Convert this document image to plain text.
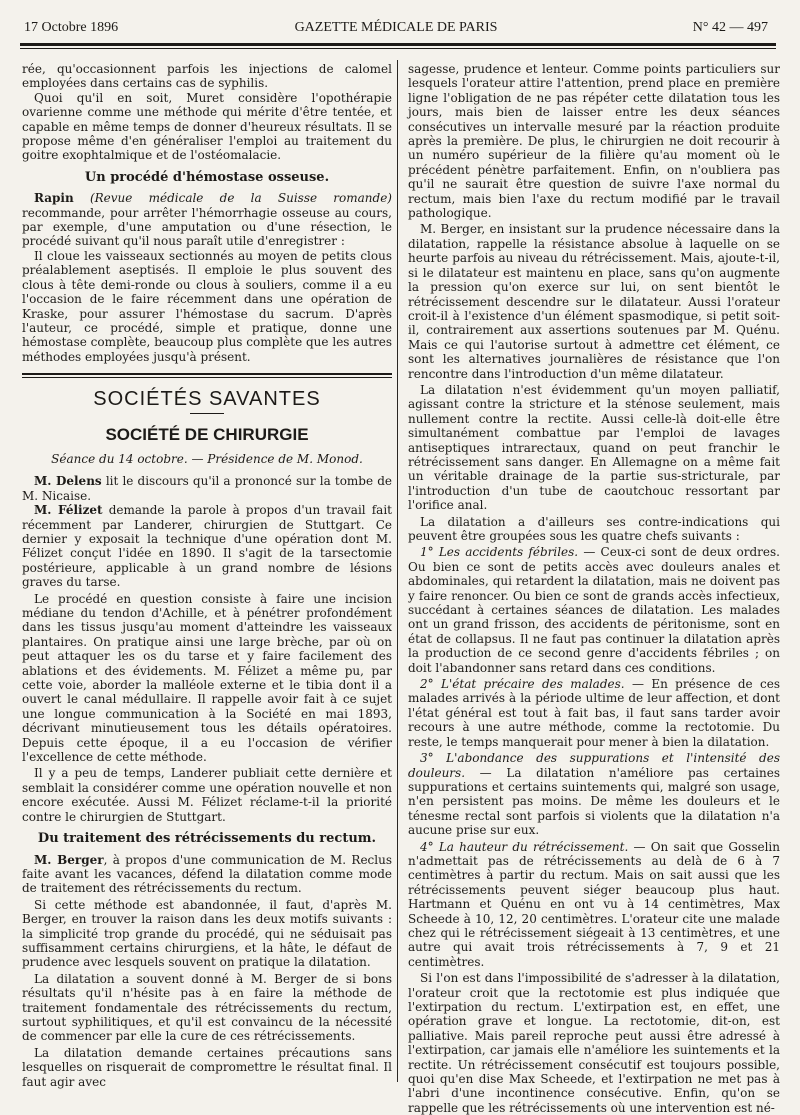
17 Octobre 1896	GAZETTE MÉDICALE DE PARIS	N° 42 — 497

rée, qu'occasionnent parfois les injections de calomel employées dans certains cas de syphilis.

Quoi qu'il en soit, Muret considère l'opothérapie ovarienne comme une méthode qui mérite d'être tentée, et capable en même temps de donner d'heureux résultats. Il se propose même d'en généraliser l'emploi au traitement du goitre exophtalmique et de l'ostéomalacie.

Un procédé d'hémostase osseuse.

Rapin (Revue médicale de la Suisse romande) recommande, pour arrêter l'hémorrhagie osseuse au cours, par exemple, d'une amputation ou d'une résection, le procédé suivant qu'il nous paraît utile d'enregistrer :

Il cloue les vaisseaux sectionnés au moyen de petits clous préalablement aseptisés. Il emploie le plus souvent des clous à tête demi-ronde ou clous à souliers, comme il a eu l'occasion de le faire récemment dans une opération de Kraske, pour assurer l'hémostase du sacrum. D'après l'auteur, ce procédé, simple et pratique, donne une hémostase complète, beaucoup plus complète que les autres méthodes employées jusqu'à présent.

SOCIÉTÉS SAVANTES
SOCIÉTÉ DE CHIRURGIE
Séance du 14 octobre. — Présidence de M. Monod.

M. Delens lit le discours qu'il a prononcé sur la tombe de M. Nicaise.

M. Félizet demande la parole à propos d'un travail fait récemment par Landerer, chirurgien de Stuttgart. Ce dernier y exposait la technique d'une opération dont M. Félizet conçut l'idée en 1890. Il s'agit de la tarsectomie postérieure, applicable à un grand nombre de lésions graves du tarse.

Le procédé en question consiste à faire une incision médiane du tendon d'Achille, et à pénétrer profondément dans les tissus jusqu'au moment d'atteindre les vaisseaux plantaires. On pratique ainsi une large brèche, par où on peut attaquer les os du tarse et y faire facilement des ablations et des évidements. M. Félizet a même pu, par cette voie, aborder la malléole externe et le tibia dont il a ouvert le canal médullaire. Il rappelle avoir fait à ce sujet une longue communication à la Société en mai 1893, décrivant minutieusement tous les détails opératoires. Depuis cette époque, il a eu l'occasion de vérifier l'excellence de cette méthode.

Il y a peu de temps, Landerer publiait cette dernière et semblait la considérer comme une opération nouvelle et non encore exécutée. Aussi M. Félizet réclame-t-il la priorité contre le chirurgien de Stuttgart.

Du traitement des rétrécissements du rectum.

M. Berger, à propos d'une communication de M. Reclus faite avant les vacances, défend la dilatation comme mode de traitement des rétrécissements du rectum.

Si cette méthode est abandonnée, il faut, d'après M. Berger, en trouver la raison dans les deux motifs suivants : la simplicité trop grande du procédé, qui ne séduisait pas suffisamment certains chirurgiens, et la hâte, le défaut de prudence avec lesquels souvent on pratique la dilatation.

La dilatation a souvent donné à M. Berger de si bons résultats qu'il n'hésite pas à en faire la méthode de traitement fondamentale des rétrécissements du rectum, surtout syphilitiques, et qu'il est convaincu de la nécessité de commencer par elle la cure de ces rétrécissements.

La dilatation demande certaines précautions sans lesquelles on risquerait de compromettre le résultat final. Il faut agir avec

sagesse, prudence et lenteur. Comme points particuliers sur lesquels l'orateur attire l'attention, prend place en première ligne l'obligation de ne pas répéter cette dilatation tous les jours, mais bien de laisser entre les deux séances consécutives un intervalle mesuré par la réaction produite après la première. De plus, le chirurgien ne doit recourir à un numéro supérieur de la filière qu'au moment où le précédent pénètre parfaitement. Enfin, on n'oubliera pas qu'il ne saurait être question de suivre l'axe normal du rectum, mais bien l'axe du rectum modifié par le travail pathologique.

M. Berger, en insistant sur la prudence nécessaire dans la dilatation, rappelle la résistance absolue à laquelle on se heurte parfois au niveau du rétrécissement. Mais, ajoute-t-il, si le dilatateur est maintenu en place, sans qu'on augmente la pression qu'on exerce sur lui, on sent bientôt le rétrécissement descendre sur le dilatateur. Aussi l'orateur croit-il à l'existence d'un élément spasmodique, si petit soit-il, contrairement aux assertions soutenues par M. Quénu. Mais ce qui l'autorise surtout à admettre cet élément, ce sont les alternatives journalières de résistance que l'on rencontre dans l'introduction d'un même dilatateur.

La dilatation n'est évidemment qu'un moyen palliatif, agissant contre la stricture et la sténose seulement, mais nullement contre la rectite. Aussi celle-là doit-elle être simultanément combattue par l'emploi de lavages antiseptiques intrarectaux, quand on peut franchir le rétrécissement sans danger. En Allemagne on a même fait un véritable drainage de la partie sus-stricturale, par l'introduction d'un tube de caoutchouc ressortant par l'orifice anal.

La dilatation a d'ailleurs ses contre-indications qui peuvent être groupées sous les quatre chefs suivants :

1° Les accidents fébriles. — Ceux-ci sont de deux ordres. Ou bien ce sont de petits accès avec douleurs anales et abdominales, qui retardent la dilatation, mais ne doivent pas y faire renoncer. Ou bien ce sont de grands accès infectieux, succédant à certaines séances de dilatation. Les malades ont un grand frisson, des accidents de péritonisme, sont en état de collapsus. Il ne faut pas continuer la dilatation après la production de ce second genre d'accidents fébriles ; on doit l'abandonner sans retard dans ces conditions.

2° L'état précaire des malades. — En présence de ces malades arrivés à la période ultime de leur affection, et dont l'état général est tout à fait bas, il faut sans tarder avoir recours à une autre méthode, comme la rectotomie. Du reste, le temps manquerait pour mener à bien la dilatation.

3° L'abondance des suppurations et l'intensité des douleurs. — La dilatation n'améliore pas certaines suppurations et certains suintements qui, malgré son usage, n'en persistent pas moins. De même les douleurs et le ténesme rectal sont parfois si violents que la dilatation n'a aucune prise sur eux.

4° La hauteur du rétrécissement. — On sait que Gosselin n'admettait pas de rétrécissements au delà de 6 à 7 centimètres à partir du rectum. Mais on sait aussi que les rétrécissements peuvent siéger beaucoup plus haut. Hartmann et Quénu en ont vu à 14 centimètres, Max Scheede à 10, 12, 20 centimètres. L'orateur cite une malade chez qui le rétrécissement siégeait à 13 centimètres, et une autre qui avait trois rétrécissements à 7, 9 et 21 centimètres.

Si l'on est dans l'impossibilité de s'adresser à la dilatation, l'orateur croit que la rectotomie est plus indiquée que l'extirpation du rectum. L'extirpation est, en effet, une opération grave et longue. La rectotomie, dit-on, est palliative. Mais pareil reproche peut aussi être adressé à l'extirpation, car jamais elle n'améliore les suintements et la rectite. Un rétrécissement consécutif est toujours possible, quoi qu'en dise Max Scheede, et l'extirpation ne met pas à l'abri d'une incontinence consécutive. Enfin, qu'on se rappelle que les rétrécissements où une intervention est né-
